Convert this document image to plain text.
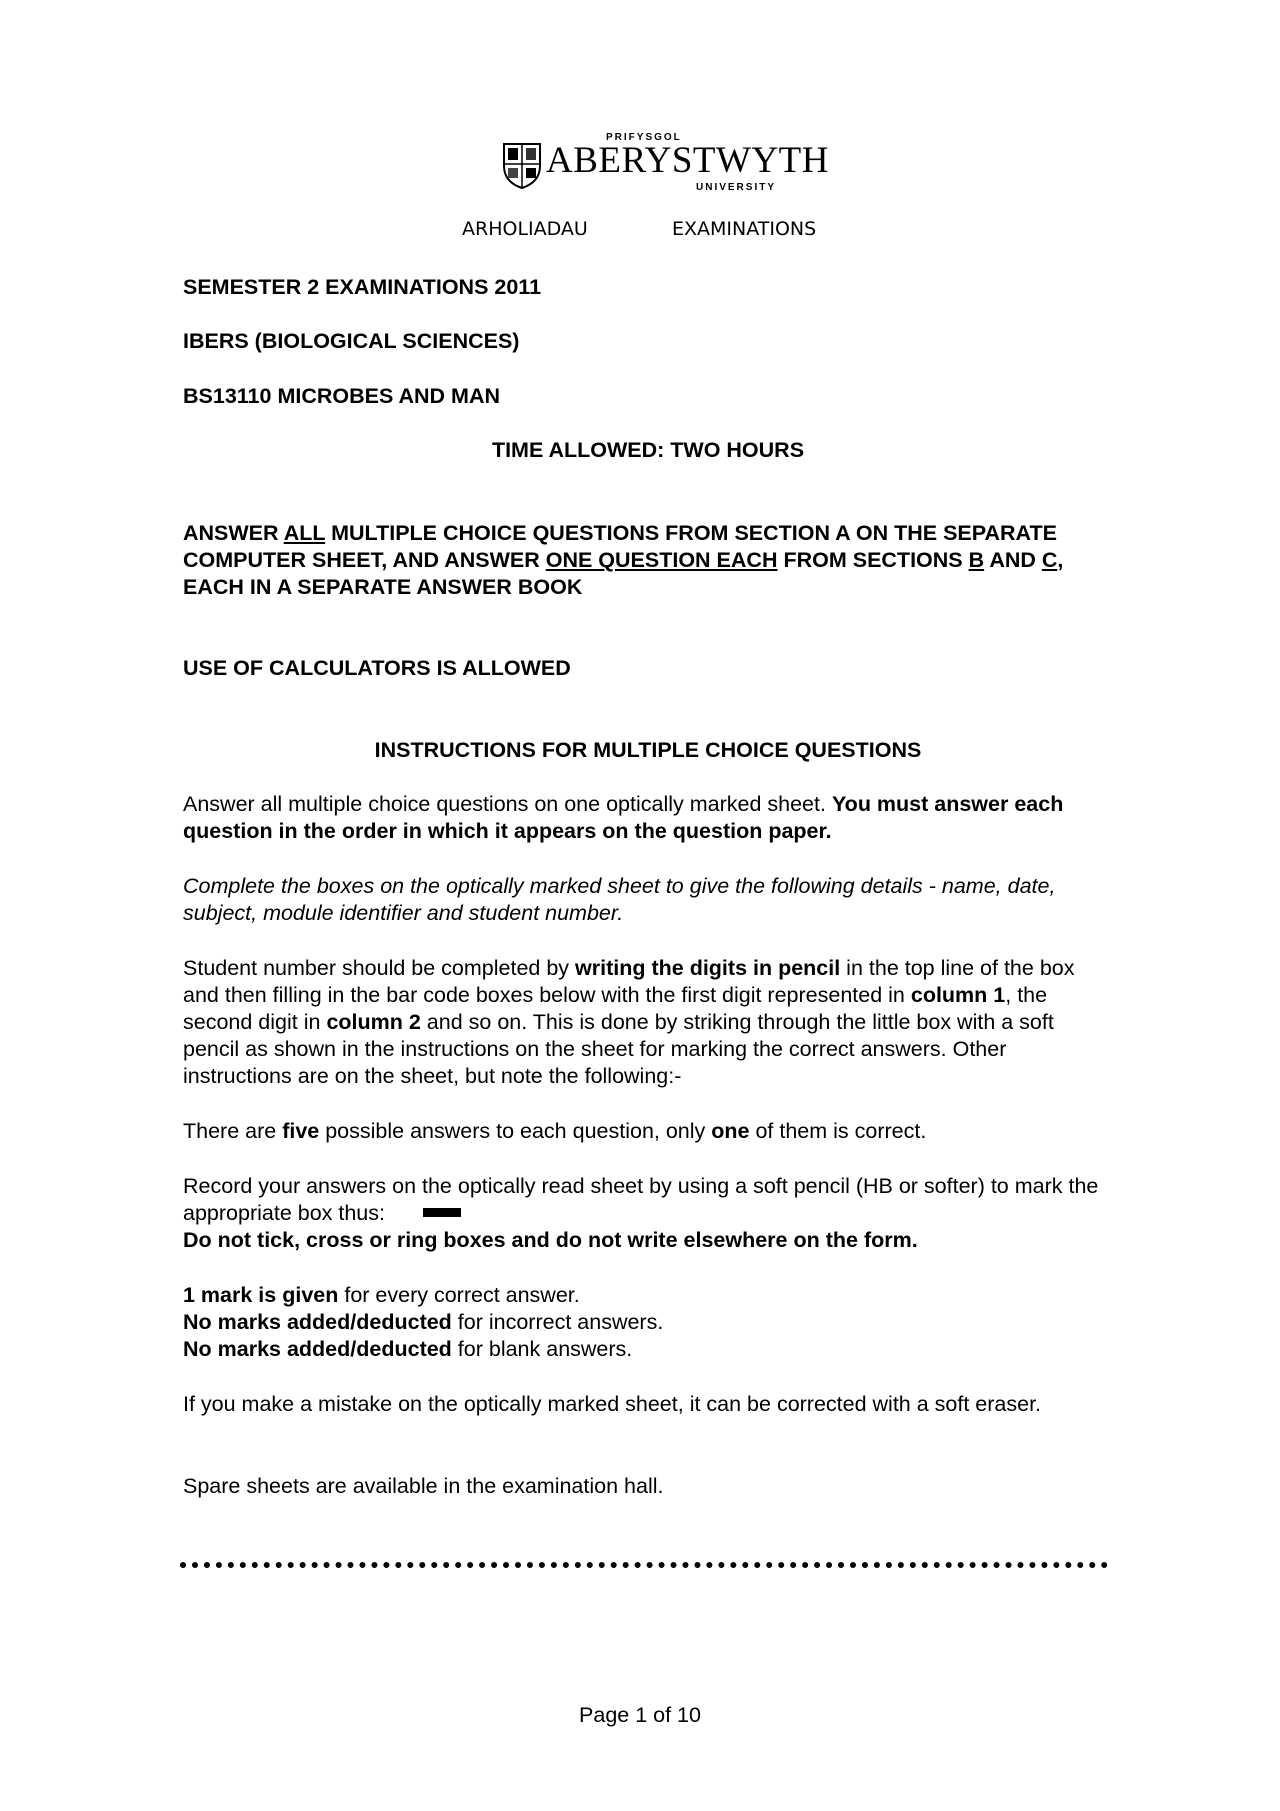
PRIFYSGOL
ABERYSTWYTH
UNIVERSITY
ARHOLIADAU	EXAMINATIONS
SEMESTER 2 EXAMINATIONS 2011
IBERS (BIOLOGICAL SCIENCES)
BS13110 MICROBES AND MAN
TIME ALLOWED: TWO HOURS

ANSWER ALL MULTIPLE CHOICE QUESTIONS FROM SECTION A ON THE SEPARATE COMPUTER SHEET, AND ANSWER ONE QUESTION EACH FROM SECTIONS B AND C, EACH IN A SEPARATE ANSWER BOOK

USE OF CALCULATORS IS ALLOWED
INSTRUCTIONS FOR MULTIPLE CHOICE QUESTIONS

Answer all multiple choice questions on one optically marked sheet. You must answer each question in the order in which it appears on the question paper.

Complete the boxes on the optically marked sheet to give the following details - name, date, subject, module identifier and student number.

Student number should be completed by writing the digits in pencil in the top line of the box and then filling in the bar code boxes below with the first digit represented in column 1, the second digit in column 2 and so on. This is done by striking through the little box with a soft pencil as shown in the instructions on the sheet for marking the correct answers. Other instructions are on the sheet, but note the following:-

There are five possible answers to each question, only one of them is correct.

Record your answers on the optically read sheet by using a soft pencil (HB or softer) to mark the appropriate box thus:
Do not tick, cross or ring boxes and do not write elsewhere on the form.

1 mark is given for every correct answer.
No marks added/deducted for incorrect answers.
No marks added/deducted for blank answers.

If you make a mistake on the optically marked sheet, it can be corrected with a soft eraser.

Spare sheets are available in the examination hall.

Page 1 of 10
